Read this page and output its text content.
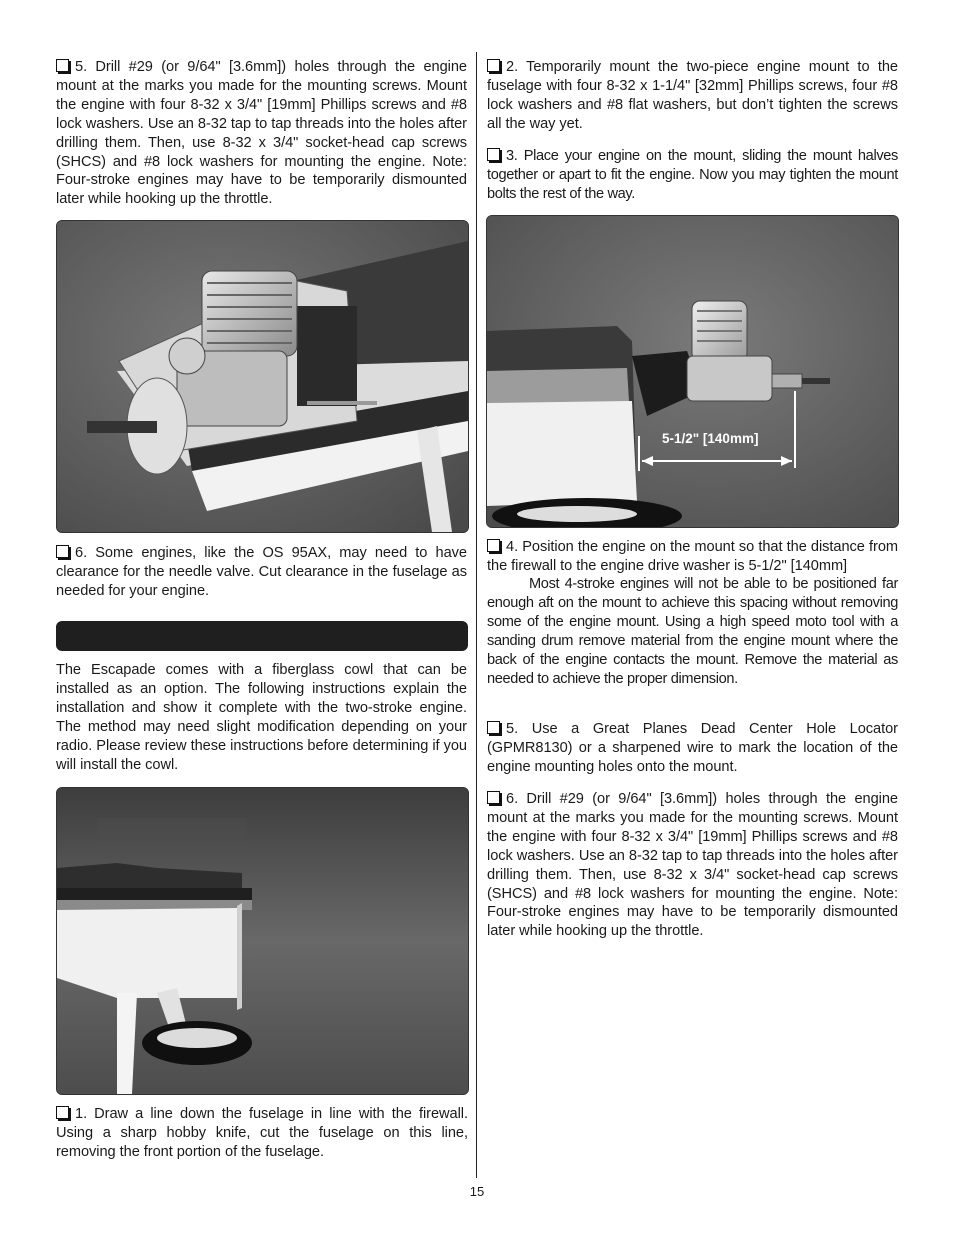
5. Drill #29 (or 9/64" [3.6mm]) holes through the engine mount at the marks you made for the mounting screws. Mount the engine with four 8-32 x 3/4" [19mm] Phillips screws and #8 lock washers. Use an 8-32 tap to tap threads into the holes after drilling them. Then, use 8-32 x 3/4" socket-head cap screws (SHCS) and #8 lock washers for mounting the engine. Note: Four-stroke engines may have to be temporarily dismounted later while hooking up the throttle.

6. Some engines, like the OS 95AX, may need to have clearance for the needle valve. Cut clearance in the fuselage as needed for your engine.

The Escapade comes with a fiberglass cowl that can be installed as an option. The following instructions explain the installation and show it complete with the two-stroke engine. The method may need slight modification depending on your radio. Please review these instructions before determining if you will install the cowl.

1. Draw a line down the fuselage in line with the firewall. Using a sharp hobby knife, cut the fuselage on this line, removing the front portion of the fuselage.

2. Temporarily mount the two-piece engine mount to the fuselage with four 8-32 x 1-1/4" [32mm] Phillips screws, four #8 lock washers and #8 flat washers, but don’t tighten the screws all the way yet.

3. Place your engine on the mount, sliding the mount halves together or apart to fit the engine. Now you may tighten the mount bolts the rest of the way.

5-1/2" [140mm]

4. Position the engine on the mount so that the distance from the firewall to the engine drive washer is 5-1/2" [140mm]

Most 4-stroke engines will not be able to be positioned far enough aft on the mount to achieve this spacing without removing some of the engine mount. Using a high speed moto tool with a sanding drum remove material from the engine mount where the back of the engine contacts the mount. Remove the material as needed to achieve the proper dimension.

5. Use a Great Planes Dead Center Hole Locator (GPMR8130) or a sharpened wire to mark the location of the engine mounting holes onto the mount.

6. Drill #29 (or 9/64" [3.6mm]) holes through the engine mount at the marks you made for the mounting screws. Mount the engine with four 8-32 x 3/4" [19mm] Phillips screws and #8 lock washers. Use an 8-32 tap to tap threads into the holes after drilling them. Then, use 8-32 x 3/4" socket-head cap screws (SHCS) and #8 lock washers for mounting the engine. Note: Four-stroke engines may have to be temporarily dismounted later while hooking up the throttle.

15
